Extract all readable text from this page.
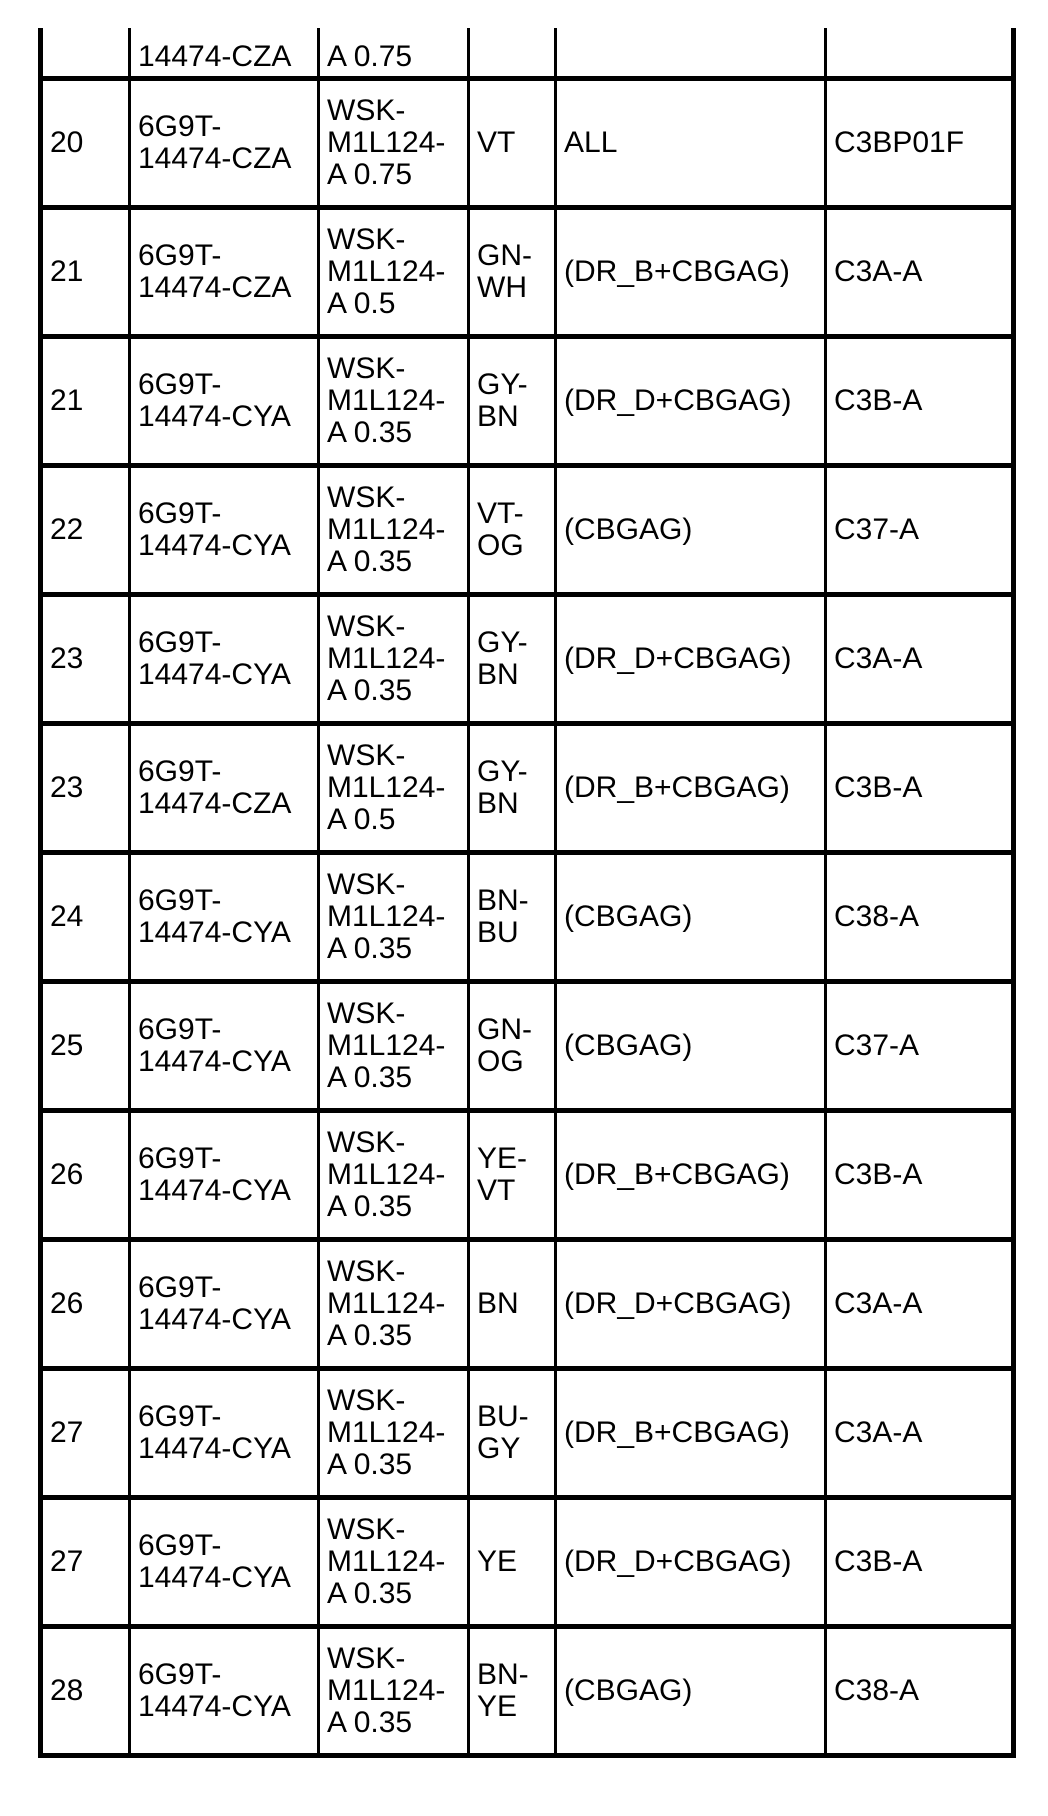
	14474-CZA	A 0.75			
20	6G9T-
14474-CZA	WSK-
M1L124-
A 0.75	VT	ALL	C3BP01F
21	6G9T-
14474-CZA	WSK-
M1L124-
A 0.5	GN-
WH	(DR_B+CBGAG)	C3A-A
21	6G9T-
14474-CYA	WSK-
M1L124-
A 0.35	GY-
BN	(DR_D+CBGAG)	C3B-A
22	6G9T-
14474-CYA	WSK-
M1L124-
A 0.35	VT-
OG	(CBGAG)	C37-A
23	6G9T-
14474-CYA	WSK-
M1L124-
A 0.35	GY-
BN	(DR_D+CBGAG)	C3A-A
23	6G9T-
14474-CZA	WSK-
M1L124-
A 0.5	GY-
BN	(DR_B+CBGAG)	C3B-A
24	6G9T-
14474-CYA	WSK-
M1L124-
A 0.35	BN-
BU	(CBGAG)	C38-A
25	6G9T-
14474-CYA	WSK-
M1L124-
A 0.35	GN-
OG	(CBGAG)	C37-A
26	6G9T-
14474-CYA	WSK-
M1L124-
A 0.35	YE-
VT	(DR_B+CBGAG)	C3B-A
26	6G9T-
14474-CYA	WSK-
M1L124-
A 0.35	BN	(DR_D+CBGAG)	C3A-A
27	6G9T-
14474-CYA	WSK-
M1L124-
A 0.35	BU-
GY	(DR_B+CBGAG)	C3A-A
27	6G9T-
14474-CYA	WSK-
M1L124-
A 0.35	YE	(DR_D+CBGAG)	C3B-A
28	6G9T-
14474-CYA	WSK-
M1L124-
A 0.35	BN-
YE	(CBGAG)	C38-A
